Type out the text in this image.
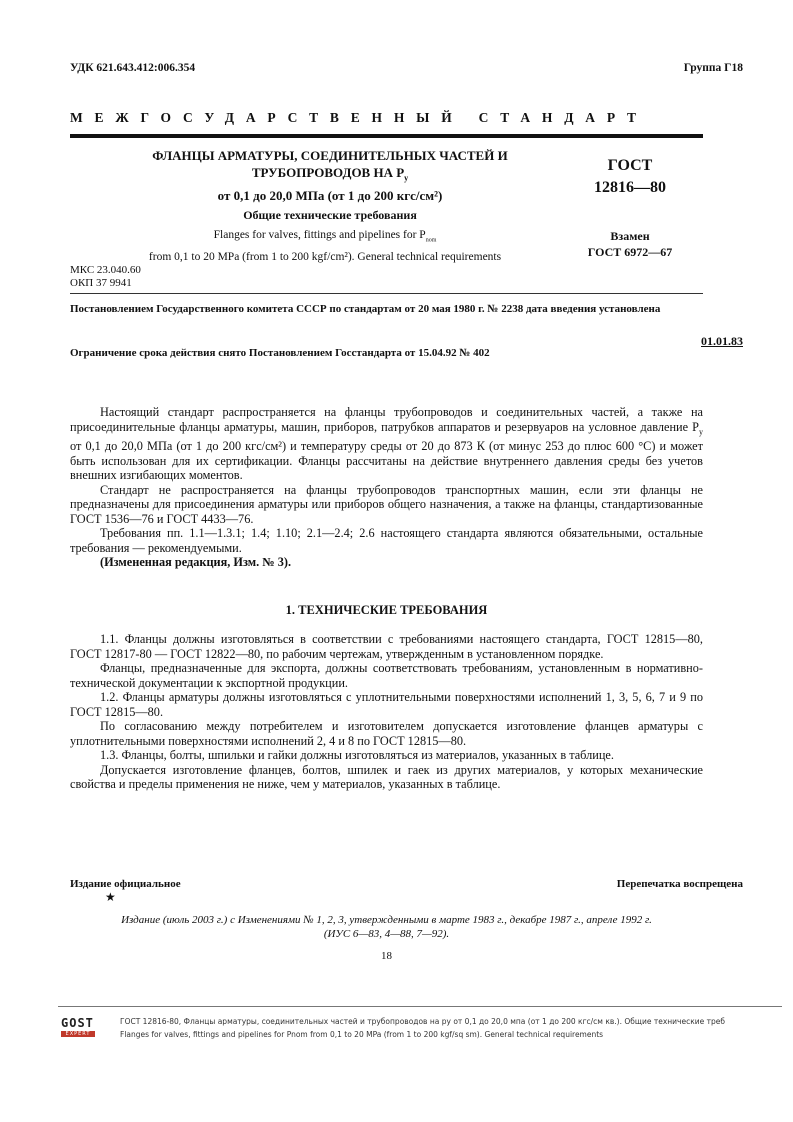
УДК 621.643.412:006.354	Группа Г18
МЕЖГОСУДАРСТВЕННЫЙ СТАНДАРТ
ФЛАНЦЫ АРМАТУРЫ, СОЕДИНИТЕЛЬНЫХ ЧАСТЕЙ И
ТРУБОПРОВОДОВ НА $P_y$
от 0,1 до 20,0 МПа (от 1 до 200 кгс/см²)
ГОСТ
12816—80
Общие технические требования
Flanges for valves, fittings and pipelines for $P_{nom}$
from 0,1 to 20 MPa (from 1 to 200 kgf/cm²). General technical requirements
Взамен
ГОСТ 6972—67
МКС 23.040.60
ОКП 37 9941
Постановлением Государственного комитета СССР по стандартам от 20 мая 1980 г. № 2238 дата введения установлена
01.01.83
Ограничение срока действия снято Постановлением Госстандарта от 15.04.92 № 402

Настоящий стандарт распространяется на фланцы трубопроводов и соединительных частей, а также на присоединительные фланцы арматуры, машин, приборов, патрубков аппаратов и резервуаров на условное давление $P_y$ от 0,1 до 20,0 МПа (от 1 до 200 кгс/см²) и температуру среды от 20 до 873 К (от минус 253 до плюс 600 °С) и может быть использован для их сертификации. Фланцы рассчитаны на действие внутреннего давления среды без учетов внешних изгибающих моментов.

Стандарт не распространяется на фланцы трубопроводов транспортных машин, если эти фланцы не предназначены для присоединения арматуры или приборов общего назначения, а также на фланцы, стандартизованные ГОСТ 1536—76 и ГОСТ 4433—76.

Требования пп. 1.1—1.3.1; 1.4; 1.10; 2.1—2.4; 2.6 настоящего стандарта являются обязательными, остальные требования — рекомендуемыми.

(Измененная редакция, Изм. № 3).

1. ТЕХНИЧЕСКИЕ ТРЕБОВАНИЯ

1.1. Фланцы должны изготовляться в соответствии с требованиями настоящего стандарта, ГОСТ 12815—80, ГОСТ 12817-80 — ГОСТ 12822—80, по рабочим чертежам, утвержденным в установленном порядке.

Фланцы, предназначенные для экспорта, должны соответствовать требованиям, установленным в нормативно-технической документации к экспортной продукции.

1.2. Фланцы арматуры должны изготовляться с уплотнительными поверхностями исполнений 1, 3, 5, 6, 7 и 9 по ГОСТ 12815—80.

По согласованию между потребителем и изготовителем допускается изготовление фланцев арматуры с уплотнительными поверхностями исполнений 2, 4 и 8 по ГОСТ 12815—80.

1.3. Фланцы, болты, шпильки и гайки должны изготовляться из материалов, указанных в таблице.

Допускается изготовление фланцев, болтов, шпилек и гаек из других материалов, у которых механические свойства и пределы применения не ниже, чем у материалов, указанных в таблице.

Издание официальное	Перепечатка воспрещена
★
Издание (июль 2003 г.) с Изменениями № 1, 2, 3, утвержденными в марте 1983 г., декабре 1987 г., апреле 1992 г.
(ИУС 6—83, 4—88, 7—92).
18
GOST
EXPERT
ГОСТ 12816-80, Фланцы арматуры, соединительных частей и трубопроводов на ру от 0,1 до 20,0 мпа (от 1 до 200 кгс/см кв.). Общие технические треб
Flanges for valves, fittings and pipelines for Pnom from 0,1 to 20 MPa (from 1 to 200 kgf/sq sm). General technical requirements
